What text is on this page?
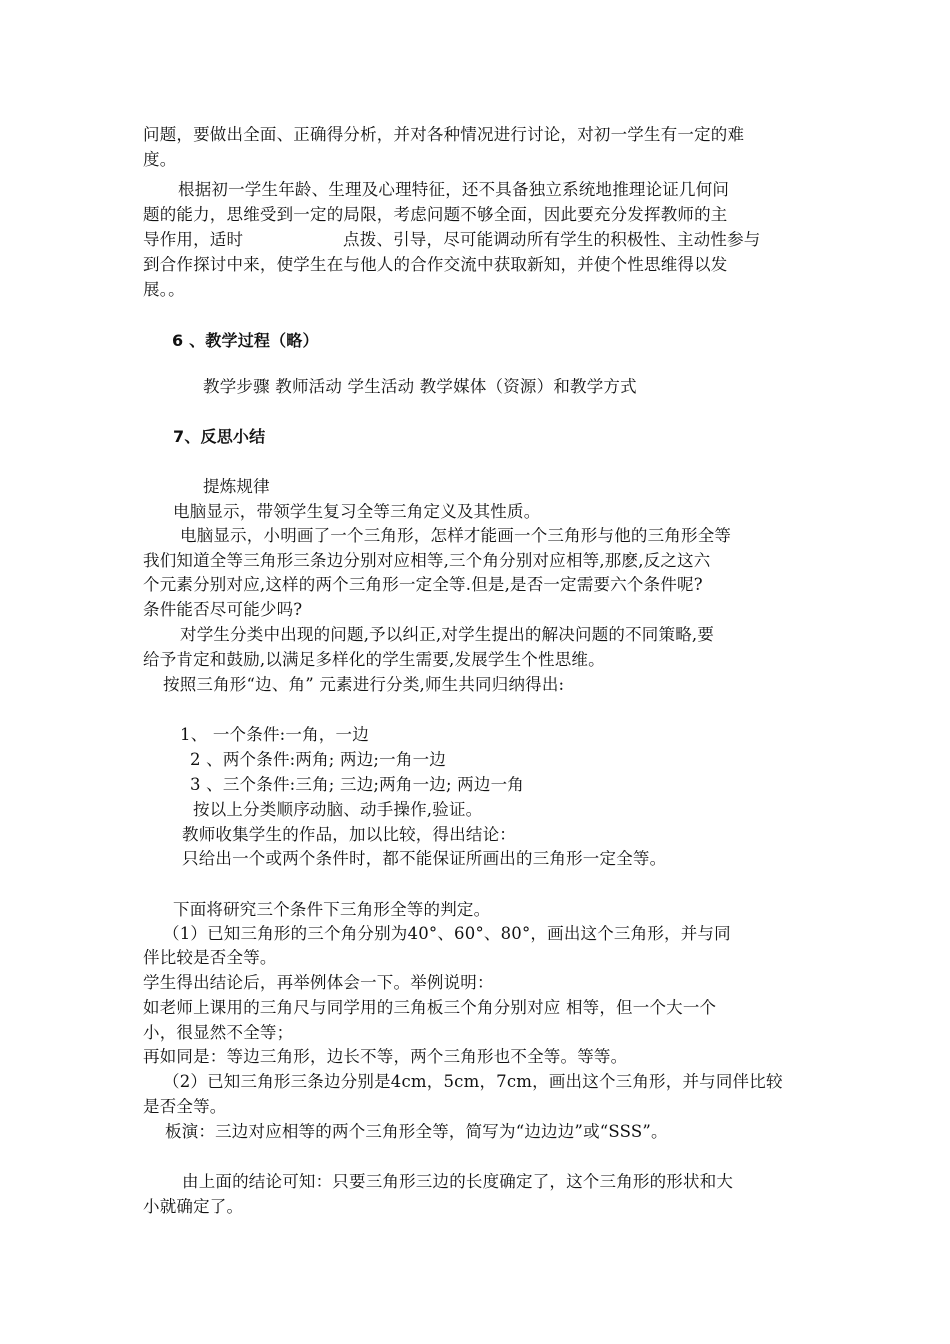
问题，要做出全面、正确得分析，并对各种情况进行讨论，对初一学生有一定的难
度。
根据初一学生年龄、生理及心理特征，还不具备独立系统地推理论证几何问
题的能力，思维受到一定的局限，考虑问题不够全面，因此要充分发挥教师的主
导作用，适时	点拨、引导，尽可能调动所有学生的积极性、主动性参与
到合作探讨中来，使学生在与他人的合作交流中获取新知，并使个性思维得以发
展。。
6 、教学过程（略）
教学步骤 教师活动 学生活动 教学媒体（资源）和教学方式
7、反思小结
提炼规律
电脑显示，带领学生复习全等三角定义及其性质。
电脑显示，小明画了一个三角形，怎样才能画一个三角形与他的三角形全等
我们知道全等三角形三条边分别对应相等,三个角分别对应相等,那麽,反之这六
个元素分别对应,这样的两个三角形一定全等.但是,是否一定需要六个条件呢?
条件能否尽可能少吗?
对学生分类中出现的问题,予以纠正,对学生提出的解决问题的不同策略,要
给予肯定和鼓励,以满足多样化的学生需要,发展学生个性思维。
按照三角形“边、角” 元素进行分类,师生共同归纳得出:
1、 一个条件:一角，一边
2 、两个条件:两角; 两边;一角一边
3 、三个条件:三角; 三边;两角一边; 两边一角
按以上分类顺序动脑、动手操作,验证。
教师收集学生的作品，加以比较，得出结论：
只给出一个或两个条件时，都不能保证所画出的三角形一定全等。
下面将研究三个条件下三角形全等的判定。
（1）已知三角形的三个角分别为40°、60°、80°，画出这个三角形，并与同
伴比较是否全等。
学生得出结论后，再举例体会一下。举例说明：
如老师上课用的三角尺与同学用的三角板三个角分别对应 相等，但一个大一个
小，很显然不全等；
再如同是：等边三角形，边长不等，两个三角形也不全等。等等。
（2）已知三角形三条边分别是4cm，5cm，7cm，画出这个三角形，并与同伴比较
是否全等。
板演：三边对应相等的两个三角形全等，简写为“边边边”或“SSS”。
由上面的结论可知：只要三角形三边的长度确定了，这个三角形的形状和大
小就确定了。
